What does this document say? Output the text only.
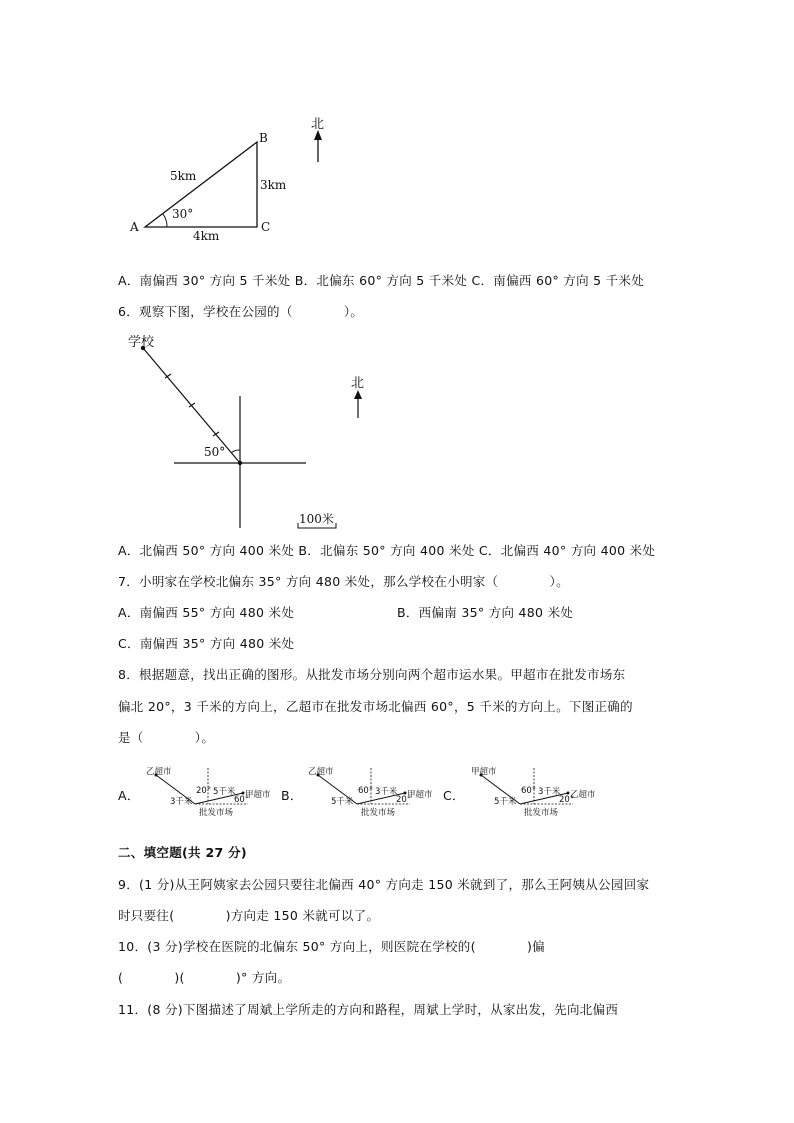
北
A
B
C
5km
3km
4km
30°
A．南偏西 30° 方向 5 千米处 B．北偏东 60° 方向 5 千米处 C．南偏西 60° 方向 5 千米处
6．观察下图，学校在公园的（　　　　）。
学校
北
50°
100米
A．北偏西 50° 方向 400 米处 B．北偏东 50° 方向 400 米处 C．北偏西 40° 方向 400 米处
7．小明家在学校北偏东 35° 方向 480 米处，那么学校在小明家（　　　　）。
A．南偏西 55° 方向 480 米处	B．西偏南 35° 方向 480 米处
C．南偏西 35° 方向 480 米处
8．根据题意，找出正确的图形。从批发市场分别向两个超市运水果。甲超市在批发市场东
偏北 20°，3 千米的方向上，乙超市在批发市场北偏西 60°，5 千米的方向上。下图正确的
是（　　　　）。
A．	B．	C．
乙超市
甲超市
3千米
5千米
20°
60°
批发市场
乙超市
甲超市
5千米
3千米
60°
20°
批发市场
甲超市
乙超市
5千米
3千米
60°
20°
批发市场
二、填空题(共 27 分)
9．(1 分)从王阿姨家去公园只要往北偏西 40° 方向走 150 米就到了，那么王阿姨从公园回家
时只要往(　　　　)方向走 150 米就可以了。
10．(3 分)学校在医院的北偏东 50° 方向上，则医院在学校的(　　　　)偏
(　　　　)(　　　　)° 方向。
11．(8 分)下图描述了周斌上学所走的方向和路程，周斌上学时，从家出发，先向北偏西
